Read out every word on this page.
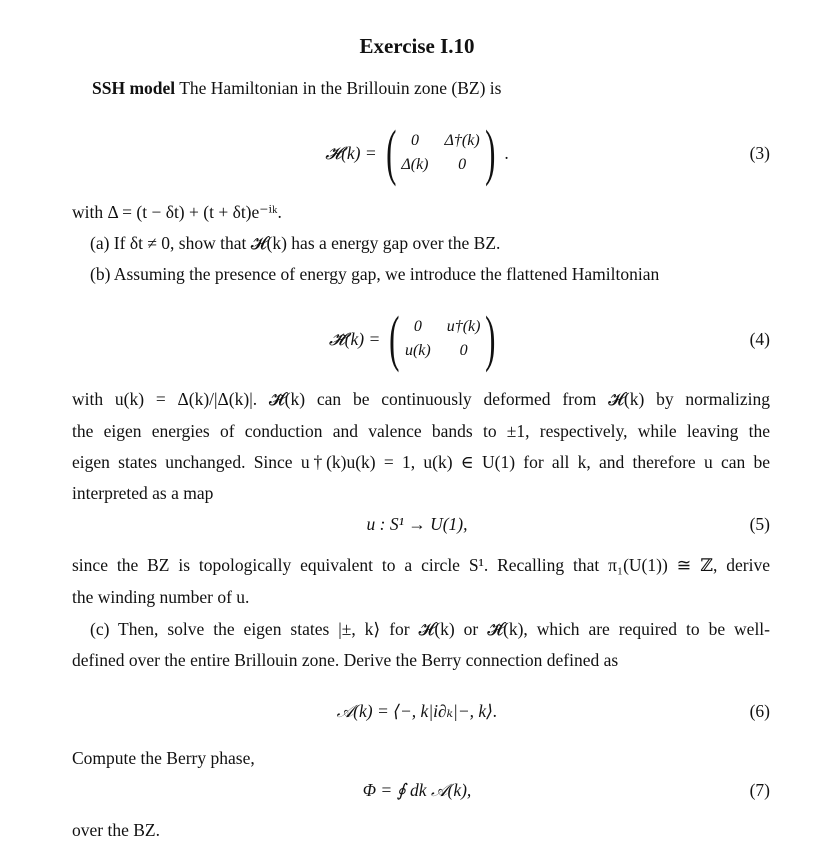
Exercise I.10
SSH model The Hamiltonian in the Brillouin zone (BZ) is
𝓗(k) = ( 0	Δ†(k)
Δ(k)	0 ) .	(3)
with Δ = (t − δt) + (t + δt)e⁻ⁱᵏ.
(a) If δt ≠ 0, show that 𝓗(k) has a energy gap over the BZ.
(b) Assuming the presence of energy gap, we introduce the flattened Hamiltonian
𝓗̃(k) = ( 0	u†(k)
u(k)	0 )	(4)
with u(k) = Δ(k)/|Δ(k)|. 𝓗̃(k) can be continuously deformed from 𝓗(k) by normalizing
the eigen energies of conduction and valence bands to ±1, respectively, while leaving the
eigen states unchanged. Since u†(k)u(k) = 1, u(k) ∈ U(1) for all k, and therefore u can be
interpreted as a map
u : S¹ → U(1),	(5)
since the BZ is topologically equivalent to a circle S¹. Recalling that π₁(U(1)) ≅ ℤ, derive
the winding number of u.
(c) Then, solve the eigen states |±, k⟩ for 𝓗(k) or 𝓗̃(k), which are required to be well-
defined over the entire Brillouin zone. Derive the Berry connection defined as
𝒜(k) = ⟨−, k|i∂ₖ|−, k⟩.	(6)
Compute the Berry phase,
Φ = ∮ dk 𝒜(k),	(7)
over the BZ.
